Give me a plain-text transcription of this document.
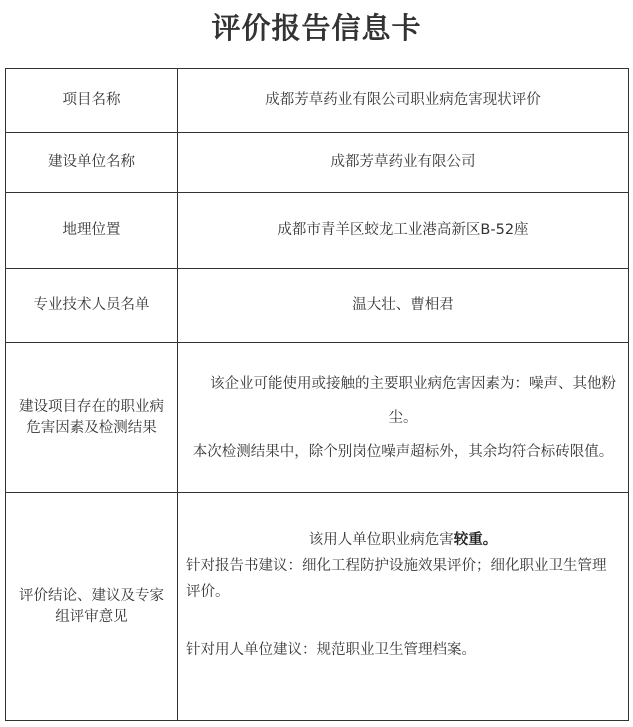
评价报告信息卡
项目名称	成都芳草药业有限公司职业病危害现状评价
建设单位名称	成都芳草药业有限公司
地理位置	成都市青羊区蛟龙工业港高新区B-52座
专业技术人员名单	温大壮、曹相君
建设项目存在的职业病危害因素及检测结果	该企业可能使用或接触的主要职业病危害因素为：噪声、其他粉尘。

本次检测结果中，除个别岗位噪声超标外，其余均符合标砖限值。

评价结论、建议及专家组评审意见	该用人单位职业病危害较重。

针对报告书建议：细化工程防护设施效果评价；细化职业卫生管理评价。

针对用人单位建议：规范职业卫生管理档案。
